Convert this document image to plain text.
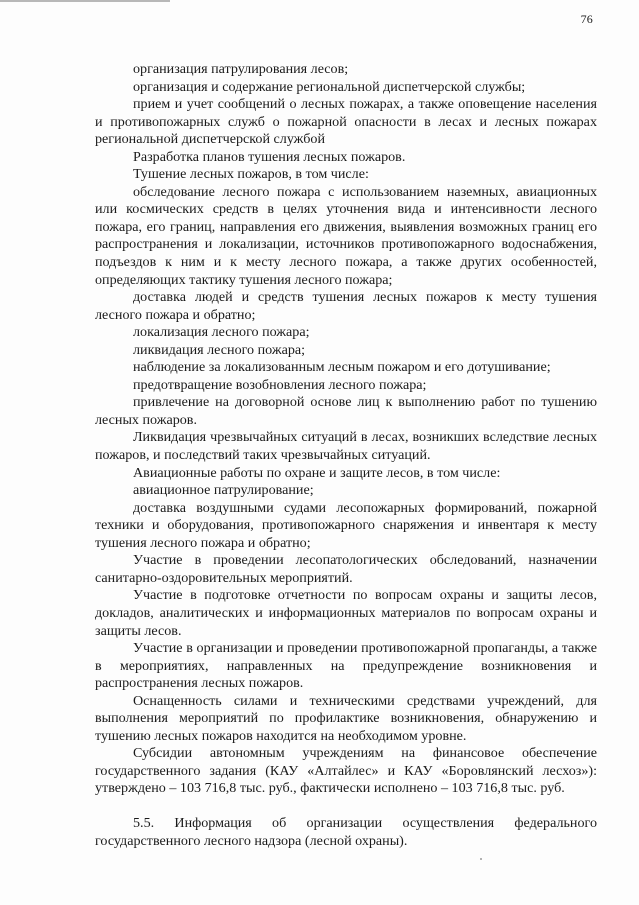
76

организация патрулирования лесов;

организация и содержание региональной диспетчерской службы;

прием и учет сообщений о лесных пожарах, а также оповещение населения и противопожарных служб о пожарной опасности в лесах и лесных пожарах региональной диспетчерской службой

Разработка планов тушения лесных пожаров.

Тушение лесных пожаров, в том числе:

обследование лесного пожара с использованием наземных, авиационных или космических средств в целях уточнения вида и интенсивности лесного пожара, его границ, направления его движения, выявления возможных границ его распространения и локализации, источников противопожарного водоснабжения, подъездов к ним и к месту лесного пожара, а также других особенностей, определяющих тактику тушения лесного пожара;

доставка людей и средств тушения лесных пожаров к месту тушения лесного пожара и обратно;

локализация лесного пожара;

ликвидация лесного пожара;

наблюдение за локализованным лесным пожаром и его дотушивание;

предотвращение возобновления лесного пожара;

привлечение на договорной основе лиц к выполнению работ по тушению лесных пожаров.

Ликвидация чрезвычайных ситуаций в лесах, возникших вследствие лесных пожаров, и последствий таких чрезвычайных ситуаций.

Авиационные работы по охране и защите лесов, в том числе:

авиационное патрулирование;

доставка воздушными судами лесопожарных формирований, пожарной техники и оборудования, противопожарного снаряжения и инвентаря к месту тушения лесного пожара и обратно;

Участие в проведении лесопатологических обследований, назначении санитарно-оздоровительных мероприятий.

Участие в подготовке отчетности по вопросам охраны и защиты лесов, докладов, аналитических и информационных материалов по вопросам охраны и защиты лесов.

Участие в организации и проведении противопожарной пропаганды, а также в мероприятиях, направленных на предупреждение возникновения и распространения лесных пожаров.

Оснащенность силами и техническими средствами учреждений, для выполнения мероприятий по профилактике возникновения, обнаружению и тушению лесных пожаров находится на необходимом уровне.

Субсидии автономным учреждениям на финансовое обеспечение государственного задания (КАУ «Алтайлес» и КАУ «Боровлянский лесхоз»): утверждено – 103 716,8 тыс. руб., фактически исполнено – 103 716,8 тыс. руб.

5.5. Информация об организации осуществления федерального государственного лесного надзора (лесной охраны).
